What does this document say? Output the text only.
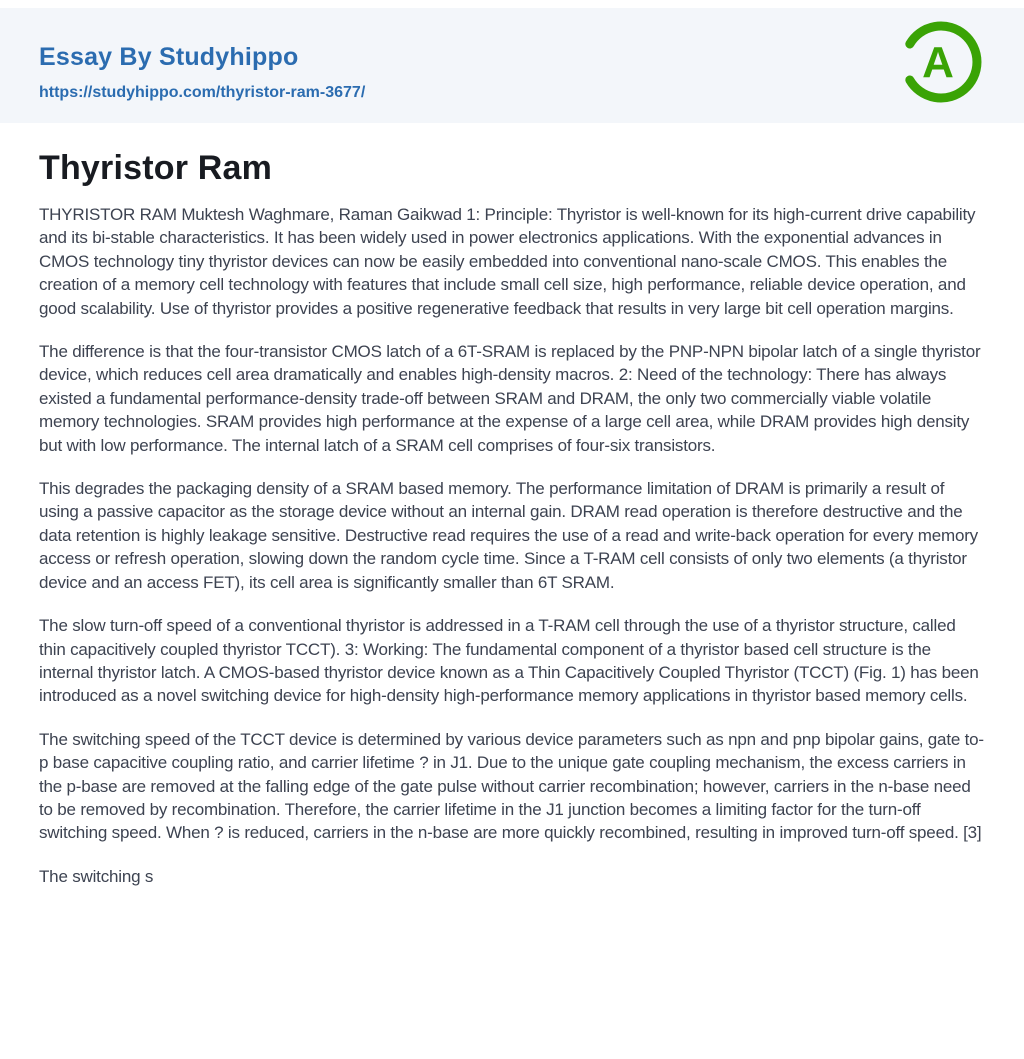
Essay By Studyhippo
https://studyhippo.com/thyristor-ram-3677/
A
Thyristor Ram

THYRISTOR RAM Muktesh Waghmare, Raman Gaikwad 1: Principle: Thyristor is well-known for its high-current drive capability and its bi-stable characteristics. It has been widely used in power electronics applications. With the exponential advances in CMOS technology tiny thyristor devices can now be easily embedded into conventional nano-scale CMOS. This enables the creation of a memory cell technology with features that include small cell size, high performance, reliable device operation, and good scalability. Use of thyristor provides a positive regenerative feedback that results in very large bit cell operation margins.

The difference is that the four-transistor CMOS latch of a 6T-SRAM is replaced by the PNP-NPN bipolar latch of a single thyristor device, which reduces cell area dramatically and enables high-density macros. 2: Need of the technology: There has always existed a fundamental performance-density trade-off between SRAM and DRAM, the only two commercially viable volatile memory technologies. SRAM provides high performance at the expense of a large cell area, while DRAM provides high density but with low performance. The internal latch of a SRAM cell comprises of four-six transistors.

This degrades the packaging density of a SRAM based memory. The performance limitation of DRAM is primarily a result of using a passive capacitor as the storage device without an internal gain. DRAM read operation is therefore destructive and the data retention is highly leakage sensitive. Destructive read requires the use of a read and write-back operation for every memory access or refresh operation, slowing down the random cycle time. Since a T-RAM cell consists of only two elements (a thyristor device and an access FET), its cell area is significantly smaller than 6T SRAM.

The slow turn-off speed of a conventional thyristor is addressed in a T-RAM cell through the use of a thyristor structure, called thin capacitively coupled thyristor TCCT). 3: Working: The fundamental component of a thyristor based cell structure is the internal thyristor latch. A CMOS-based thyristor device known as a Thin Capacitively Coupled Thyristor (TCCT) (Fig. 1) has been introduced as a novel switching device for high-density high-performance memory applications in thyristor based memory cells.

The switching speed of the TCCT device is determined by various device parameters such as npn and pnp bipolar gains, gate to-p base capacitive coupling ratio, and carrier lifetime ? in J1. Due to the unique gate coupling mechanism, the excess carriers in the p-base are removed at the falling edge of the gate pulse without carrier recombination; however, carriers in the n-base need to be removed by recombination. Therefore, the carrier lifetime in the J1 junction becomes a limiting factor for the turn-off switching speed. When ? is reduced, carriers in the n-base are more quickly recombined, resulting in improved turn-off speed. [3]

The switching s
